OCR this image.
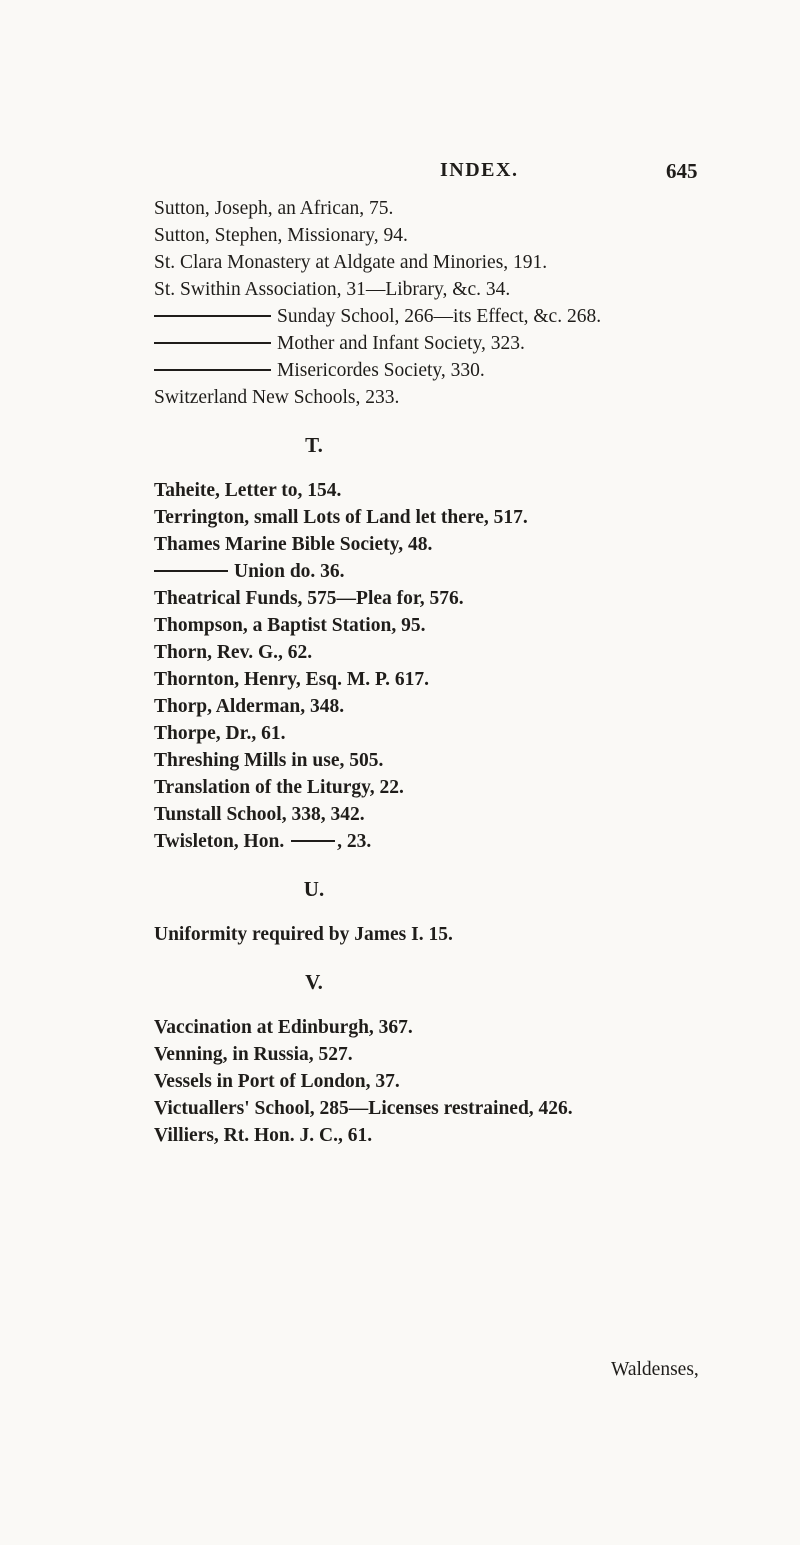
INDEX.	645
Sutton, Joseph, an African, 75.
Sutton, Stephen, Missionary, 94.
St. Clara Monastery at Aldgate and Minories, 191.
St. Swithin Association, 31—Library, &c. 34.
Sunday School, 266—its Effect, &c. 268.
Mother and Infant Society, 323.
Misericordes Society, 330.
Switzerland New Schools, 233.
T.
Taheite, Letter to, 154.
Terrington, small Lots of Land let there, 517.
Thames Marine Bible Society, 48.
Union do. 36.
Theatrical Funds, 575—Plea for, 576.
Thompson, a Baptist Station, 95.
Thorn, Rev. G., 62.
Thornton, Henry, Esq. M. P. 617.
Thorp, Alderman, 348.
Thorpe, Dr., 61.
Threshing Mills in use, 505.
Translation of the Liturgy, 22.
Tunstall School, 338, 342.
Twisleton, Hon.	, 23.
U.
Uniformity required by James I. 15.
V.
Vaccination at Edinburgh, 367.
Venning, in Russia, 527.
Vessels in Port of London, 37.
Victuallers' School, 285—Licenses restrained, 426.
Villiers, Rt. Hon. J. C., 61.
Waldenses,
